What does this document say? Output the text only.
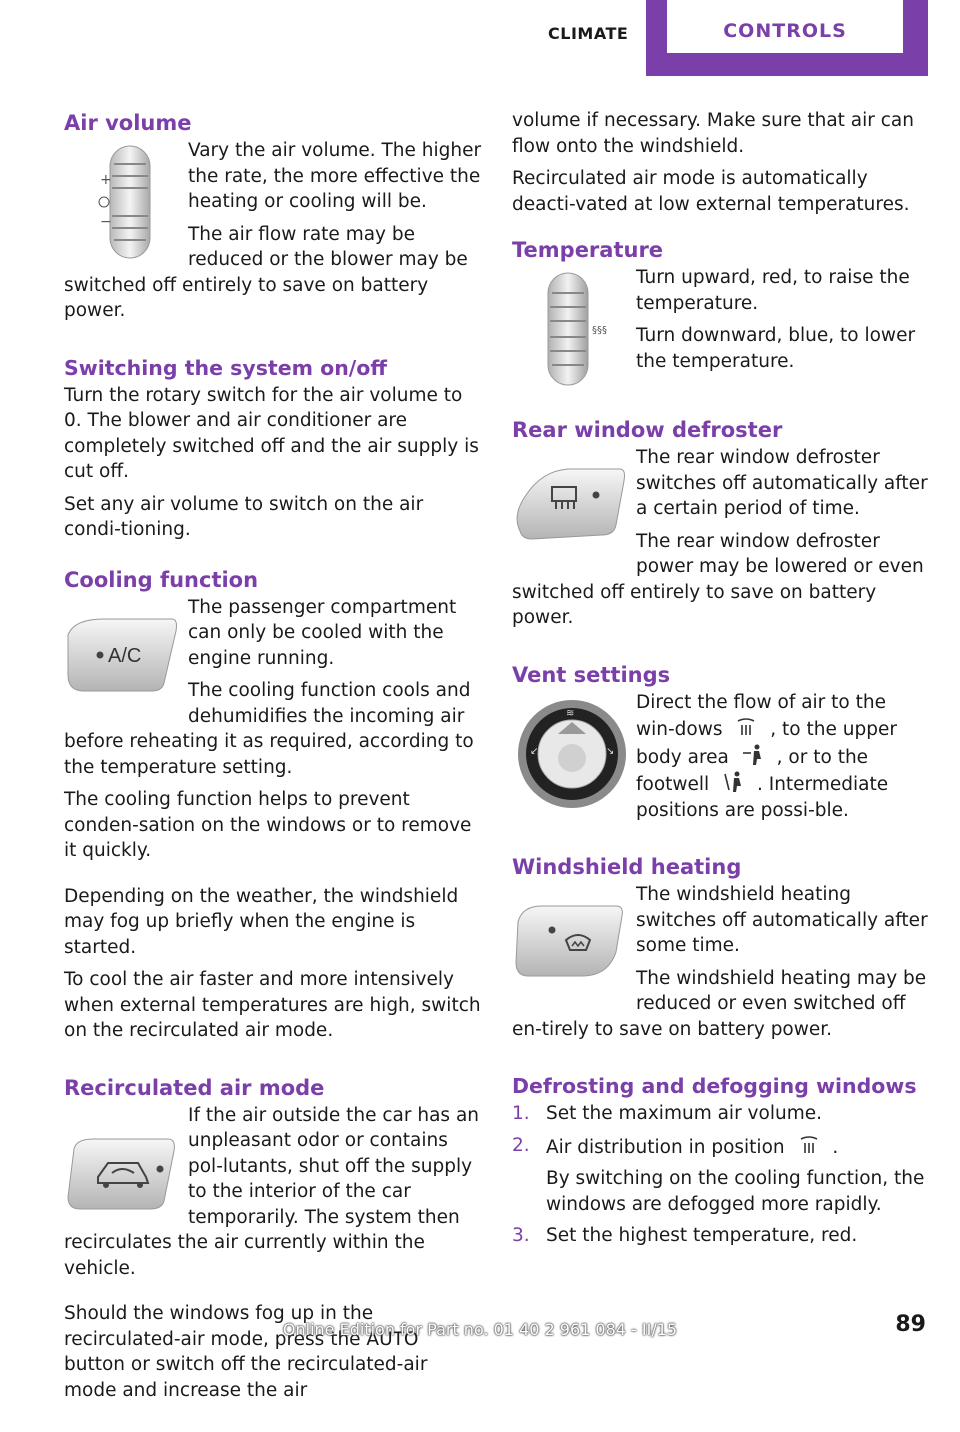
CLIMATE	CONTROLS
Air volume
+
−

Vary the air volume. The higher the rate, the more effective the heating or cooling will be.

The air flow rate may be reduced or the blower may be switched off entirely to save on battery power.

Switching the system on/off

Turn the rotary switch for the air volume to 0. The blower and air conditioner are completely switched off and the air supply is cut off.

Set any air volume to switch on the air condi‐tioning.

Cooling function
A/C

The passenger compartment can only be cooled with the engine running.

The cooling function cools and dehumidifies the incoming air before reheating it as required, according to the temperature setting.

The cooling function helps to prevent conden‐sation on the windows or to remove it quickly.

Depending on the weather, the windshield may fog up briefly when the engine is started.

To cool the air faster and more intensively when external temperatures are high, switch on the recirculated air mode.

Recirculated air mode

If the air outside the car has an unpleasant odor or contains pol‐lutants, shut off the supply to the interior of the car temporarily. The system then recirculates the air currently within the vehicle.

Should the windows fog up in the recirculated-air mode, press the AUTO button or switch off the recirculated-air mode and increase the air

volume if necessary. Make sure that air can flow onto the windshield.

Recirculated air mode is automatically deacti‐vated at low external temperatures.

Temperature
§§§

Turn upward, red, to raise the temperature.

Turn downward, blue, to lower the temperature.

Rear window defroster

The rear window defroster switches off automatically after a certain period of time.

The rear window defroster power may be lowered or even switched off entirely to save on battery power.

Vent settings
≋
↙	↘

Direct the flow of air to the win‐dows	, to the upper body area	, or to the footwell	. Intermediate positions are possi‐ble.

Windshield heating

The windshield heating switches off automatically after some time.

The windshield heating may be reduced or even switched off en‐tirely to save on battery power.

Defrosting and defogging windows
1. Set the maximum air volume.
2. Air distribution in position	.
By switching on the cooling function, the windows are defogged more rapidly.
3. Set the highest temperature, red.
Online Edition for Part no. 01 40 2 961 084 - II/15	89
